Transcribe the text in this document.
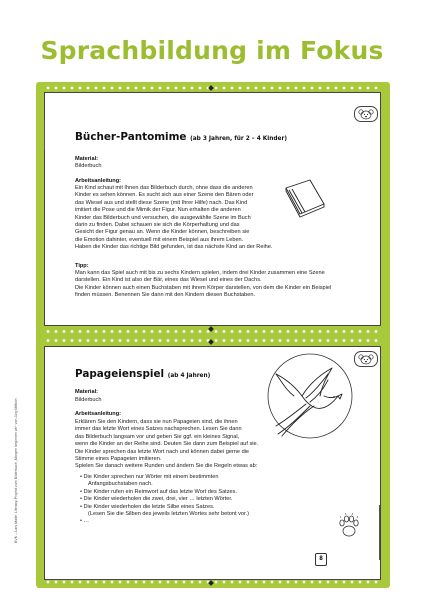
Sprachbildung im Fokus
Bücher-Pantomime (ab 3 Jahren, für 2 – 4 Kinder)
Material:
Bilderbuch
Arbeitsanleitung:
Ein Kind schaut mit Ihnen das Bilderbuch durch, ohne dass die anderen
Kinder es sehen können. Es sucht sich aus einer Szene den Bären oder
das Wiesel aus und stellt diese Szene (mit Ihrer Hilfe) nach. Das Kind
imitiert die Pose und die Mimik der Figur. Nun erhalten die anderen
Kinder das Bilderbuch und versuchen, die ausgewählte Szene im Buch
darin zu finden. Dabei schauen sie sich die Körperhaltung und das
Gesicht der Figur genau an. Wenn die Kinder können, beschreiben sie
die Emotion dahinter, eventuell mit einem Beispiel aus ihrem Leben.
Haben die Kinder das richtige Bild gefunden, ist das nächste Kind an der Reihe.
Tipp:
Man kann das Spiel auch mit bis zu sechs Kindern spielen, indem drei Kinder zusammen eine Szene
darstellen. Ein Kind ist also der Bär, eines das Wiesel und eines der Dachs.
Die Kinder können auch einen Buchstaben mit ihrem Körper darstellen, von dem die Kinder ein Beispiel
finden müssen. Benennen Sie dann mit den Kindern diesen Buchstaben.
Papageienspiel (ab 4 Jahren)
Material:
Bilderbuch
Arbeitsanleitung:
Erklären Sie den Kindern, dass sie nun Papageien sind, die ihnen
immer das letzte Wort eines Satzes nachsprechen. Lesen Sie dann
das Bilderbuch langsam vor und geben Sie ggf. ein kleines Signal,
wenn die Kinder an der Reihe sind. Deuten Sie dann zum Beispiel auf sie.
Die Kinder sprechen das letzte Wort nach und können dabei gerne die
Stimme eines Papageien imitieren.
Spielen Sie danach weitere Runden und ändern Sie die Regeln etwas ab:
• Die Kinder sprechen nur Wörter mit einem bestimmten
Anfangsbuchstaben nach.
• Die Kinder rufen ein Reimwort auf das letzte Wort des Satzes.
• Die Kinder wiederholen die zwei, drei, vier … letzten Wörter.
• Die Kinder wiederholen die letzte Silbe eines Satzes.
(Lesen Sie die Silben des jeweils letzten Wortes sehr betont vor.)
• …
8
BVK – Lars Malte: Literacy-Projekt zum Bilderbuch „Morgen beginnen wir“ von Jürg Mittlich
